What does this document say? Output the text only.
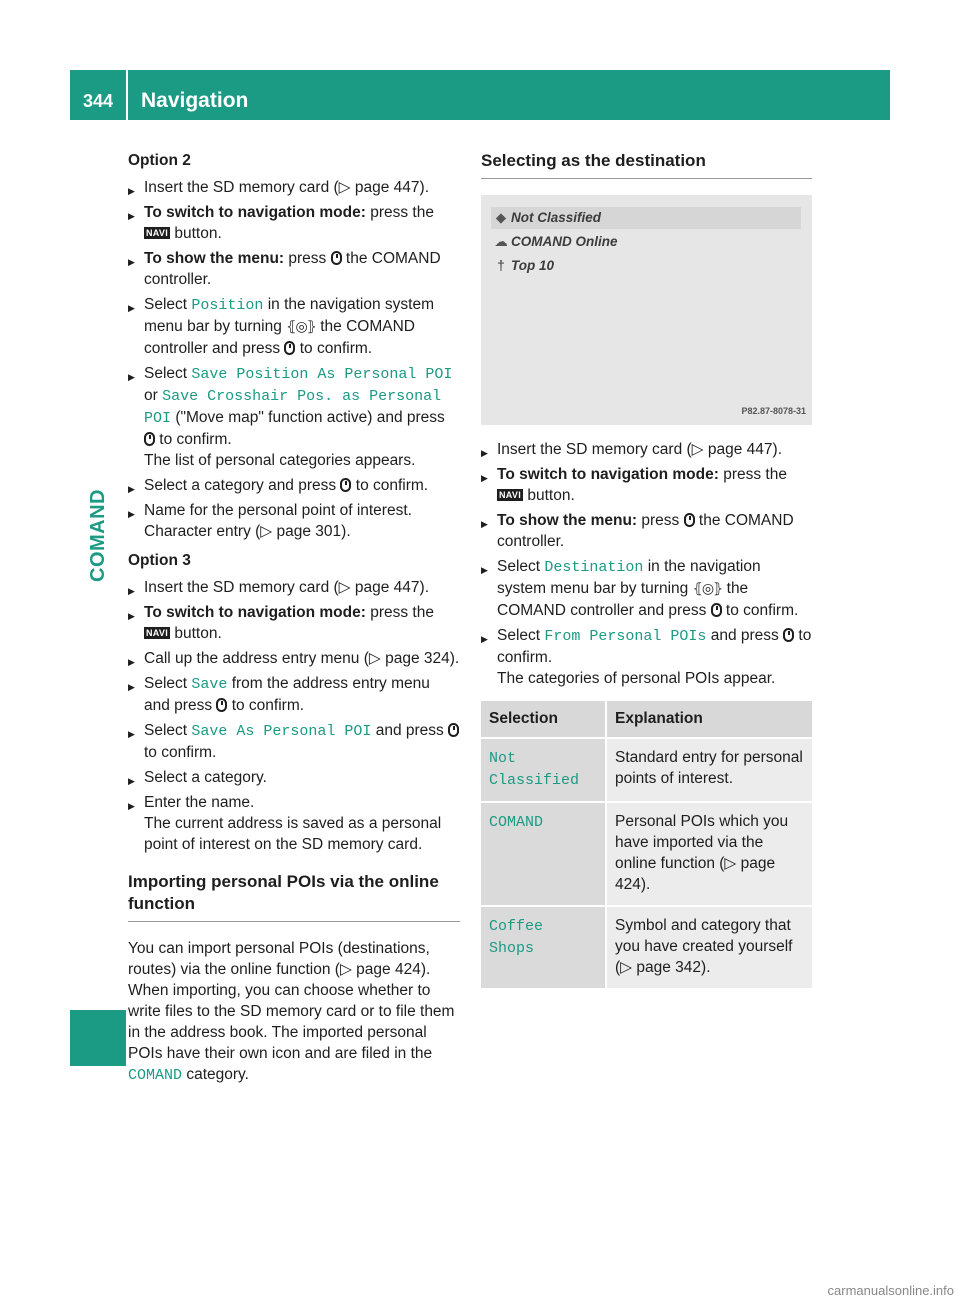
344	Navigation
COMAND

Option 2

▶ Insert the SD memory card (▷ page 447).

▶ To switch to navigation mode: press the NAVI button.

▶ To show the menu: press  the COMAND controller.

▶ Select Position in the navigation system menu bar by turning ⦃◎⦄ the COMAND controller and press  to confirm.

▶ Select Save Position As Personal POI or Save Crosshair Pos. as Personal POI ("Move map" function active) and press  to confirm.
The list of personal categories appears.

▶ Select a category and press  to confirm.

▶ Name for the personal point of interest.
Character entry (▷ page 301).

Option 3

▶ Insert the SD memory card (▷ page 447).

▶ To switch to navigation mode: press the NAVI button.

▶ Call up the address entry menu (▷ page 324).

▶ Select Save from the address entry menu and press  to confirm.

▶ Select Save As Personal POI and press  to confirm.

▶ Select a category.

▶ Enter the name.
The current address is saved as a personal point of interest on the SD memory card.

Importing personal POIs via the online function

You can import personal POIs (destinations, routes) via the online function (▷ page 424). When importing, you can choose whether to write files to the SD memory card or to file them in the address book. The imported personal POIs have their own icon and are filed in the COMAND category.

Selecting as the destination

◆ Not Classified
☁ COMAND Online
† Top 10
P82.87-8078-31

▶ Insert the SD memory card (▷ page 447).

▶ To switch to navigation mode: press the NAVI button.

▶ To show the menu: press  the COMAND controller.

▶ Select Destination in the navigation system menu bar by turning ⦃◎⦄ the COMAND controller and press  to confirm.

▶ Select From Personal POIs and press  to confirm.
The categories of personal POIs appear.

Selection	Explanation
Not Classified	Standard entry for personal points of interest.
COMAND	Personal POIs which you have imported via the online function (▷ page 424).
Coffee Shops	Symbol and category that you have created yourself (▷ page 342).
carmanualsonline.info
